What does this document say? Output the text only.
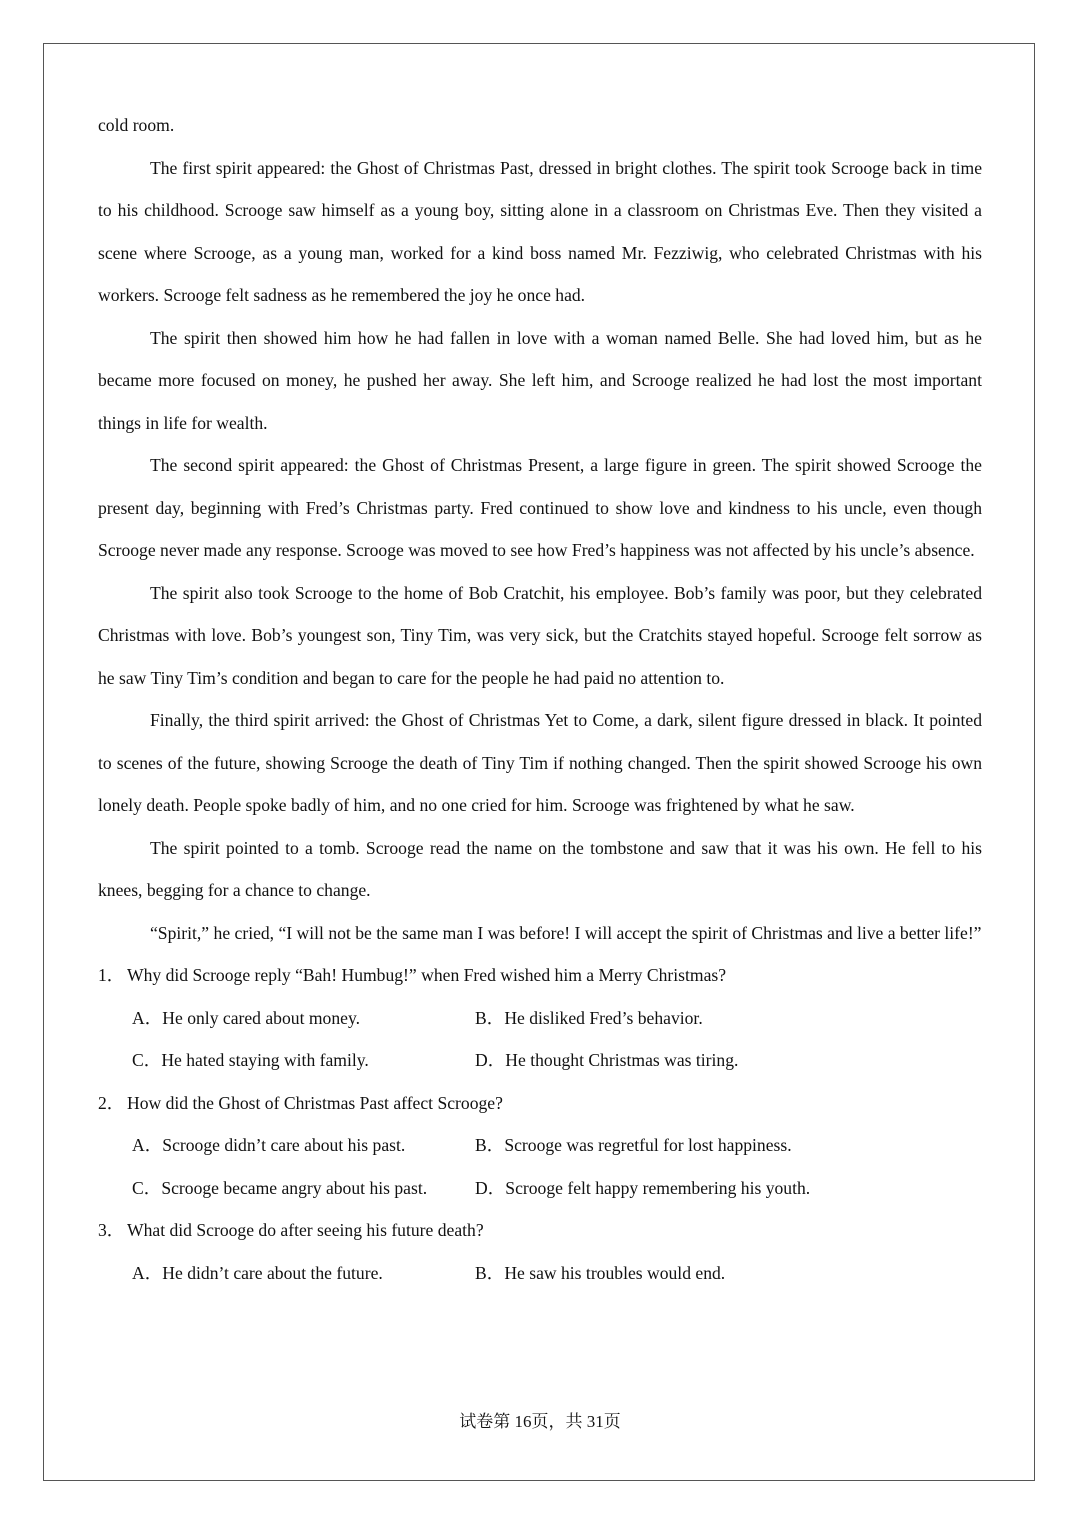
cold room.

The first spirit appeared: the Ghost of Christmas Past, dressed in bright clothes. The spirit took Scrooge back in time to his childhood. Scrooge saw himself as a young boy, sitting alone in a classroom on Christmas Eve. Then they visited a scene where Scrooge, as a young man, worked for a kind boss named Mr. Fezziwig, who celebrated Christmas with his workers. Scrooge felt sadness as he remembered the joy he once had.

The spirit then showed him how he had fallen in love with a woman named Belle. She had loved him, but as he became more focused on money, he pushed her away. She left him, and Scrooge realized he had lost the most important things in life for wealth.

The second spirit appeared: the Ghost of Christmas Present, a large figure in green. The spirit showed Scrooge the present day, beginning with Fred’s Christmas party. Fred continued to show love and kindness to his uncle, even though Scrooge never made any response. Scrooge was moved to see how Fred’s happiness was not affected by his uncle’s absence.

The spirit also took Scrooge to the home of Bob Cratchit, his employee. Bob’s family was poor, but they celebrated Christmas with love. Bob’s youngest son, Tiny Tim, was very sick, but the Cratchits stayed hopeful. Scrooge felt sorrow as he saw Tiny Tim’s condition and began to care for the people he had paid no attention to.

Finally, the third spirit arrived: the Ghost of Christmas Yet to Come, a dark, silent figure dressed in black. It pointed to scenes of the future, showing Scrooge the death of Tiny Tim if nothing changed. Then the spirit showed Scrooge his own lonely death. People spoke badly of him, and no one cried for him. Scrooge was frightened by what he saw.

The spirit pointed to a tomb. Scrooge read the name on the tombstone and saw that it was his own. He fell to his knees, begging for a chance to change.

“Spirit,” he cried, “I will not be the same man I was before! I will accept the spirit of Christmas and live a better life!”

1． Why did Scrooge reply “Bah! Humbug!” when Fred wished him a Merry Christmas?
A．He only cared about money.	B．He disliked Fred’s behavior.
C．He hated staying with family.	D．He thought Christmas was tiring.
2． How did the Ghost of Christmas Past affect Scrooge?
A．Scrooge didn’t care about his past.	B．Scrooge was regretful for lost happiness.
C．Scrooge became angry about his past.	D．Scrooge felt happy remembering his youth.
3． What did Scrooge do after seeing his future death?
A．He didn’t care about the future.	B．He saw his troubles would end.
试卷第 16页，共 31页
